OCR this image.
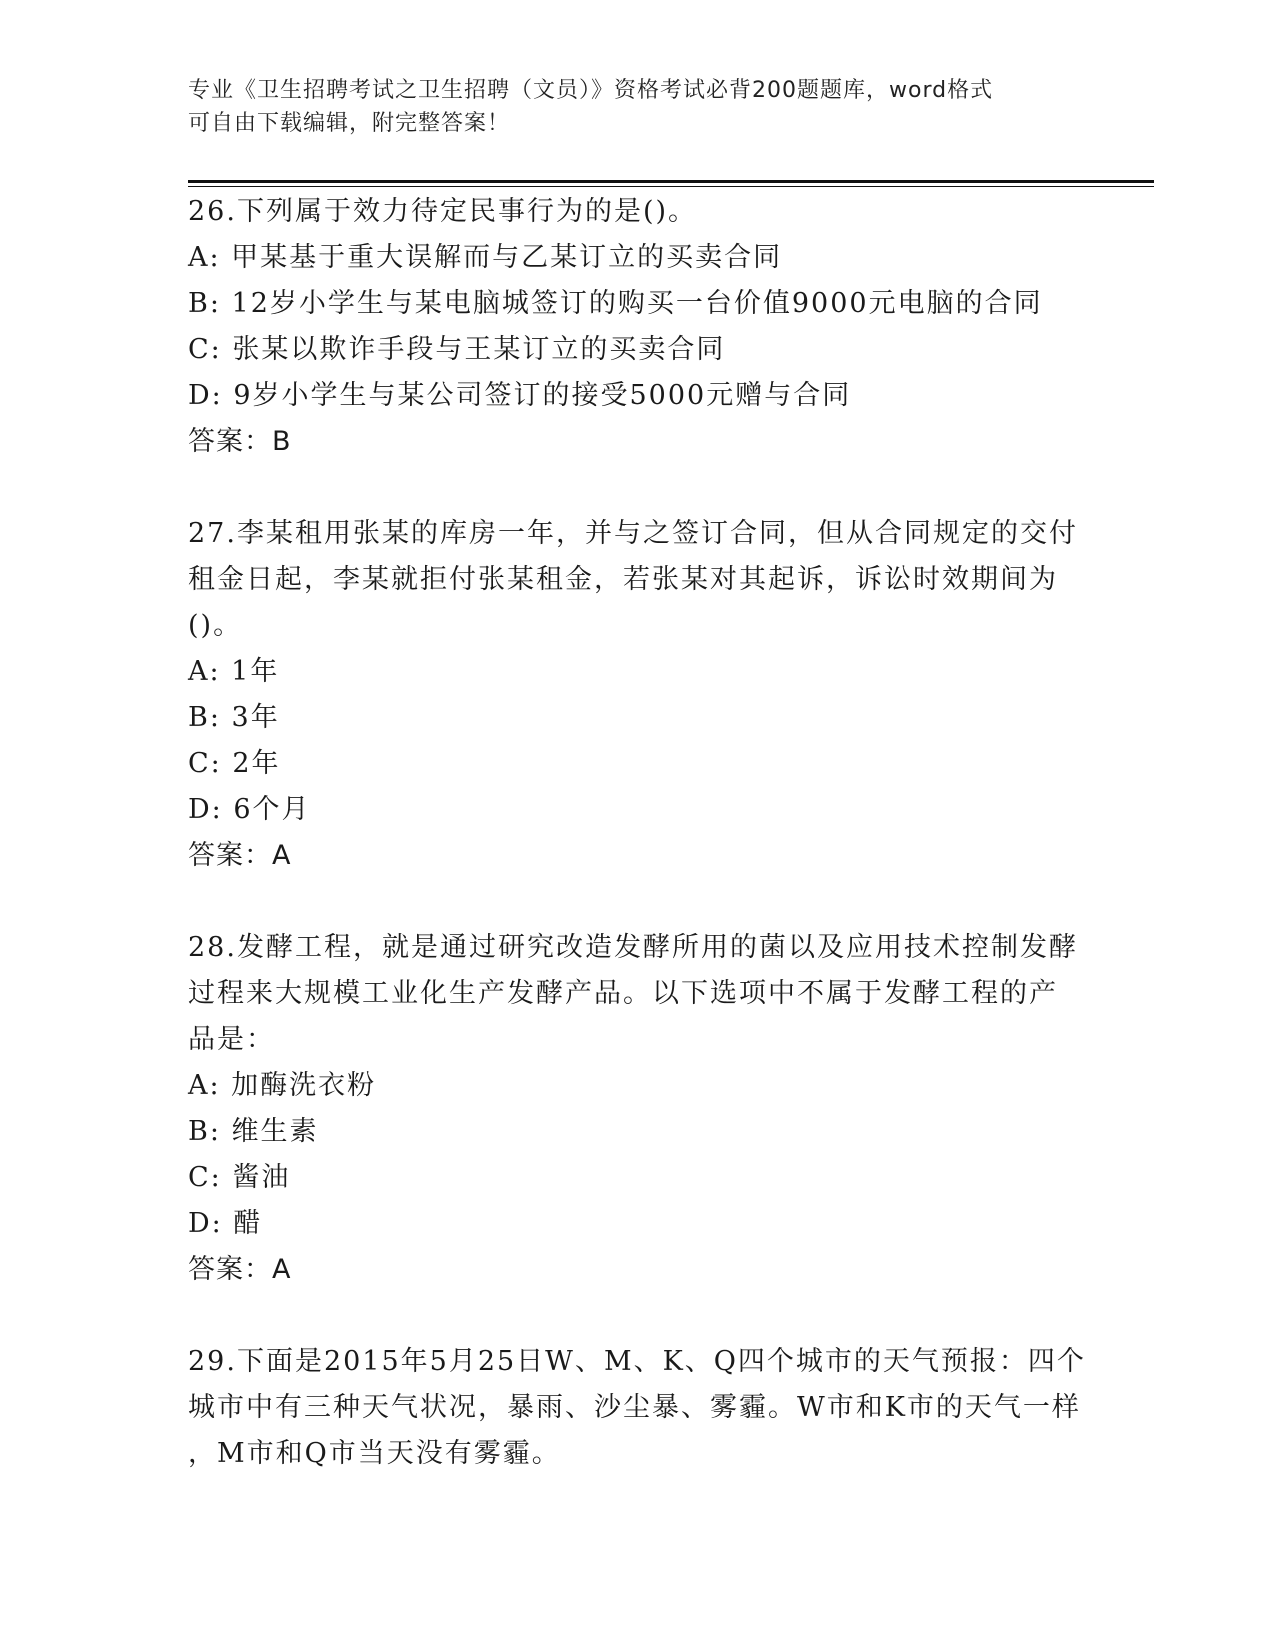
专业《卫生招聘考试之卫生招聘（文员）》资格考试必背200题题库，word格式
可自由下载编辑，附完整答案！
26.下列属于效力待定民事行为的是()。
A: 甲某基于重大误解而与乙某订立的买卖合同
B: 12岁小学生与某电脑城签订的购买一台价值9000元电脑的合同
C: 张某以欺诈手段与王某订立的买卖合同
D: 9岁小学生与某公司签订的接受5000元赠与合同
答案：B
27.李某租用张某的库房一年，并与之签订合同，但从合同规定的交付
租金日起，李某就拒付张某租金，若张某对其起诉，诉讼时效期间为
()。
A: 1年
B: 3年
C: 2年
D: 6个月
答案：A
28.发酵工程，就是通过研究改造发酵所用的菌以及应用技术控制发酵
过程来大规模工业化生产发酵产品。以下选项中不属于发酵工程的产
品是：
A: 加酶洗衣粉
B: 维生素
C: 酱油
D: 醋
答案：A
29.下面是2015年5月25日W、M、K、Q四个城市的天气预报：四个
城市中有三种天气状况，暴雨、沙尘暴、雾霾。W市和K市的天气一样
，M市和Q市当天没有雾霾。
